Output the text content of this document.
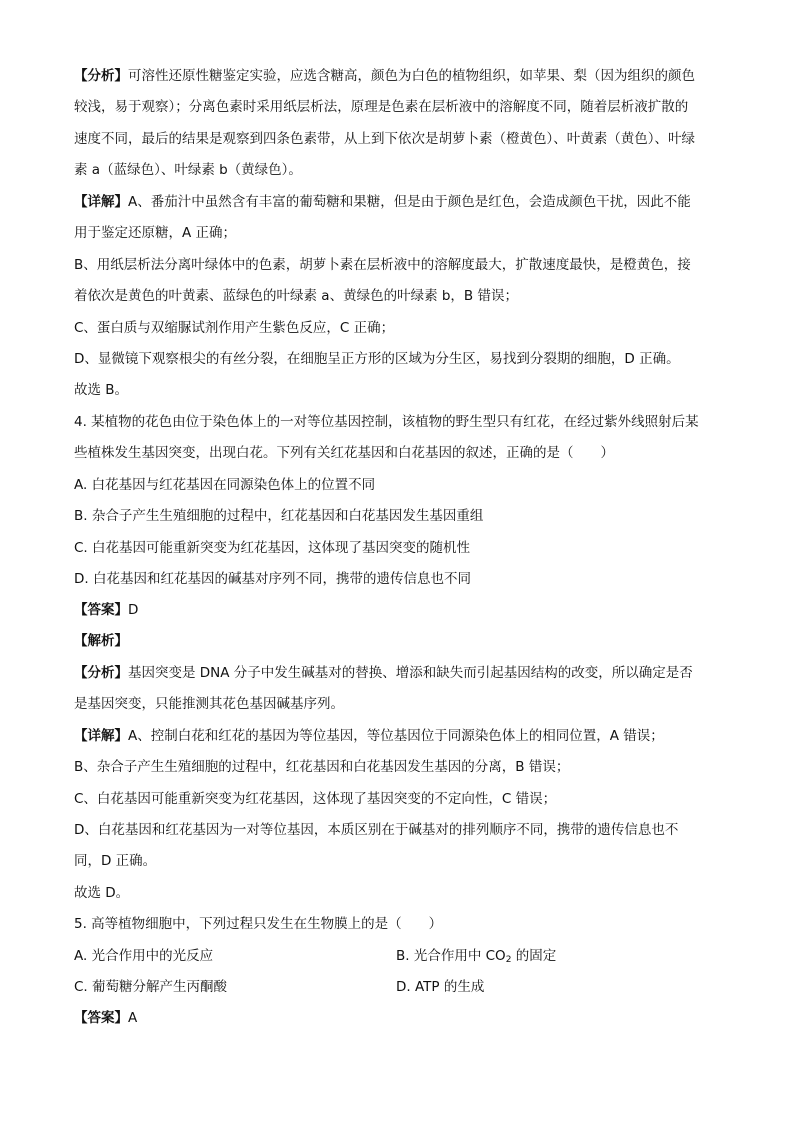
【分析】可溶性还原性糖鉴定实验，应选含糖高，颜色为白色的植物组织，如苹果、梨（因为组织的颜色
较浅，易于观察）；分离色素时采用纸层析法，原理是色素在层析液中的溶解度不同，随着层析液扩散的
速度不同，最后的结果是观察到四条色素带，从上到下依次是胡萝卜素（橙黄色）、叶黄素（黄色）、叶绿
素 a（蓝绿色）、叶绿素 b（黄绿色）。
【详解】A、番茄汁中虽然含有丰富的葡萄糖和果糖，但是由于颜色是红色，会造成颜色干扰，因此不能
用于鉴定还原糖，A 正确；
B、用纸层析法分离叶绿体中的色素，胡萝卜素在层析液中的溶解度最大，扩散速度最快，是橙黄色，接
着依次是黄色的叶黄素、蓝绿色的叶绿素 a、黄绿色的叶绿素 b，B 错误；
C、蛋白质与双缩脲试剂作用产生紫色反应，C 正确；
D、显微镜下观察根尖的有丝分裂，在细胞呈正方形的区域为分生区，易找到分裂期的细胞，D 正确。
故选 B。
4. 某植物的花色由位于染色体上的一对等位基因控制，该植物的野生型只有红花，在经过紫外线照射后某
些植株发生基因突变，出现白花。下列有关红花基因和白花基因的叙述，正确的是（　　）
A. 白花基因与红花基因在同源染色体上的位置不同
B. 杂合子产生生殖细胞的过程中，红花基因和白花基因发生基因重组
C. 白花基因可能重新突变为红花基因，这体现了基因突变的随机性
D. 白花基因和红花基因的碱基对序列不同，携带的遗传信息也不同
【答案】D
【解析】
【分析】基因突变是 DNA 分子中发生碱基对的替换、增添和缺失而引起基因结构的改变，所以确定是否
是基因突变，只能推测其花色基因碱基序列。
【详解】A、控制白花和红花的基因为等位基因，等位基因位于同源染色体上的相同位置，A 错误；
B、杂合子产生生殖细胞的过程中，红花基因和白花基因发生基因的分离，B 错误；
C、白花基因可能重新突变为红花基因，这体现了基因突变的不定向性，C 错误；
D、白花基因和红花基因为一对等位基因，本质区别在于碱基对的排列顺序不同，携带的遗传信息也不
同，D 正确。
故选 D。
5. 高等植物细胞中，下列过程只发生在生物膜上的是（　　）
A. 光合作用中的光反应	B. 光合作用中 $CO_2$ 的固定
C. 葡萄糖分解产生丙酮酸	D. ATP 的生成
【答案】A
